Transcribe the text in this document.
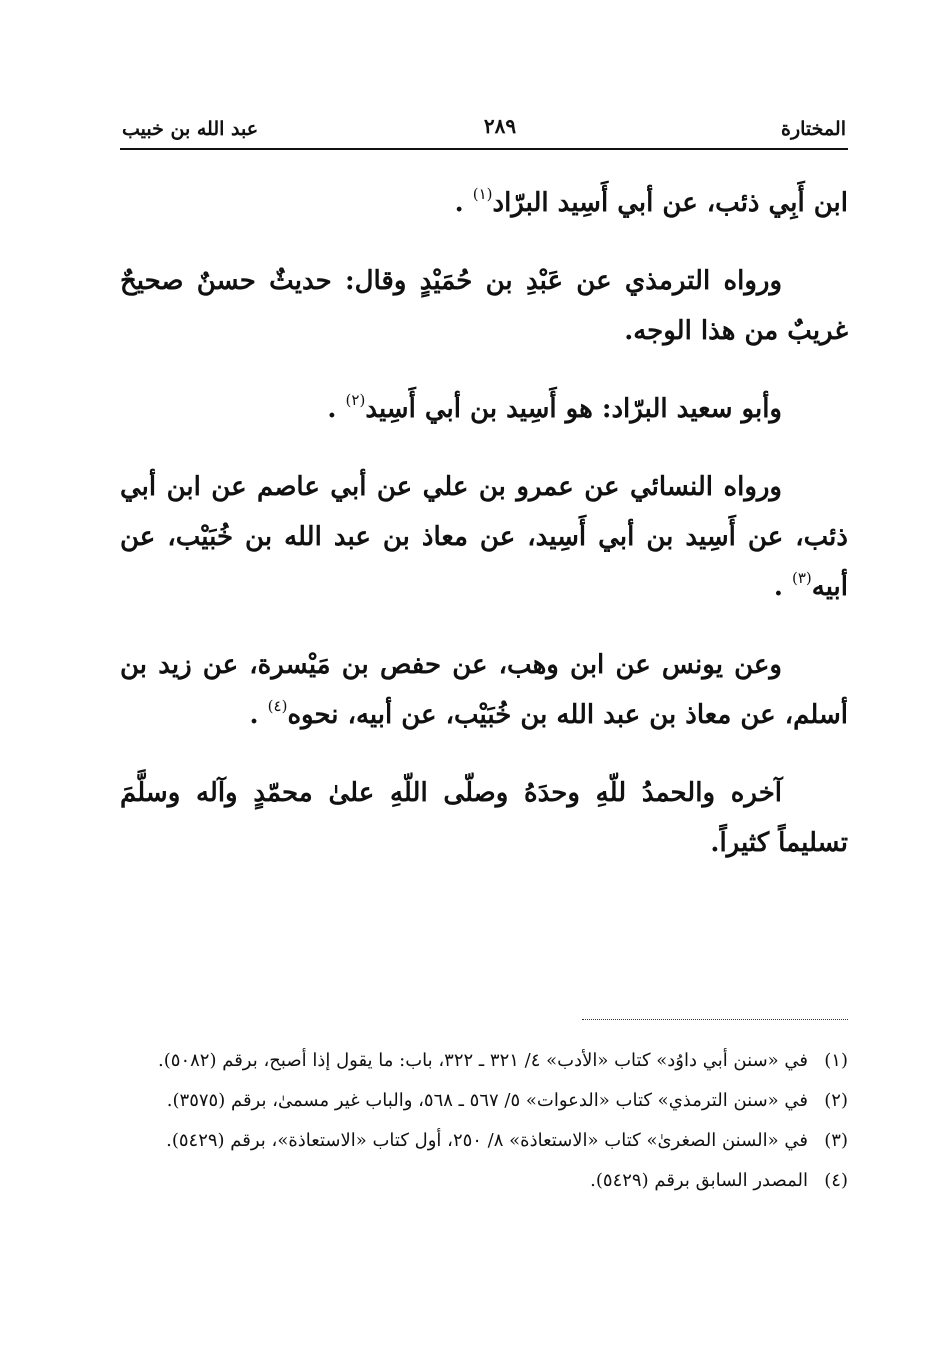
المختارة
٢٨٩
عبد الله بن خبيب

ابن أَبِي ذئب، عن أبي أَسِيد البرّاد$^{(١)}$ .

ورواه الترمذي عن عَبْدِ بن حُمَيْدٍ وقال: حديثٌ حسنٌ صحيحٌ غريبٌ من هذا الوجه.

وأبو سعيد البرّاد: هو أَسِيد بن أبي أَسِيد$^{(٢)}$ .

ورواه النسائي عن عمرو بن علي عن أبي عاصم عن ابن أبي ذئب، عن أَسِيد بن أبي أَسِيد، عن معاذ بن عبد الله بن خُبَيْب، عن أبيه$^{(٣)}$ .

وعن يونس عن ابن وهب، عن حفص بن مَيْسرة، عن زيد بن أسلم، عن معاذ بن عبد الله بن خُبَيْب، عن أبيه، نحوه$^{(٤)}$ .

آخره والحمدُ للّهِ وحدَهُ وصلّى اللّهِ علىٰ محمّدٍ وآله وسلَّمَ تسليماً كثيراً.

(١)
في «سنن أبي داوُد» كتاب «الأدب» ٤/ ٣٢١ ـ ٣٢٢، باب: ما يقول إذا أصبح، برقم (٥٠٨٢).
(٢)
في «سنن الترمذي» كتاب «الدعوات» ٥/ ٥٦٧ ـ ٥٦٨، والباب غير مسمىٰ، برقم (٣٥٧٥).
(٣)
في «السنن الصغرىٰ» كتاب «الاستعاذة» ٨/ ٢٥٠، أول كتاب «الاستعاذة»، برقم (٥٤٢٩).
(٤)
المصدر السابق برقم (٥٤٢٩).
